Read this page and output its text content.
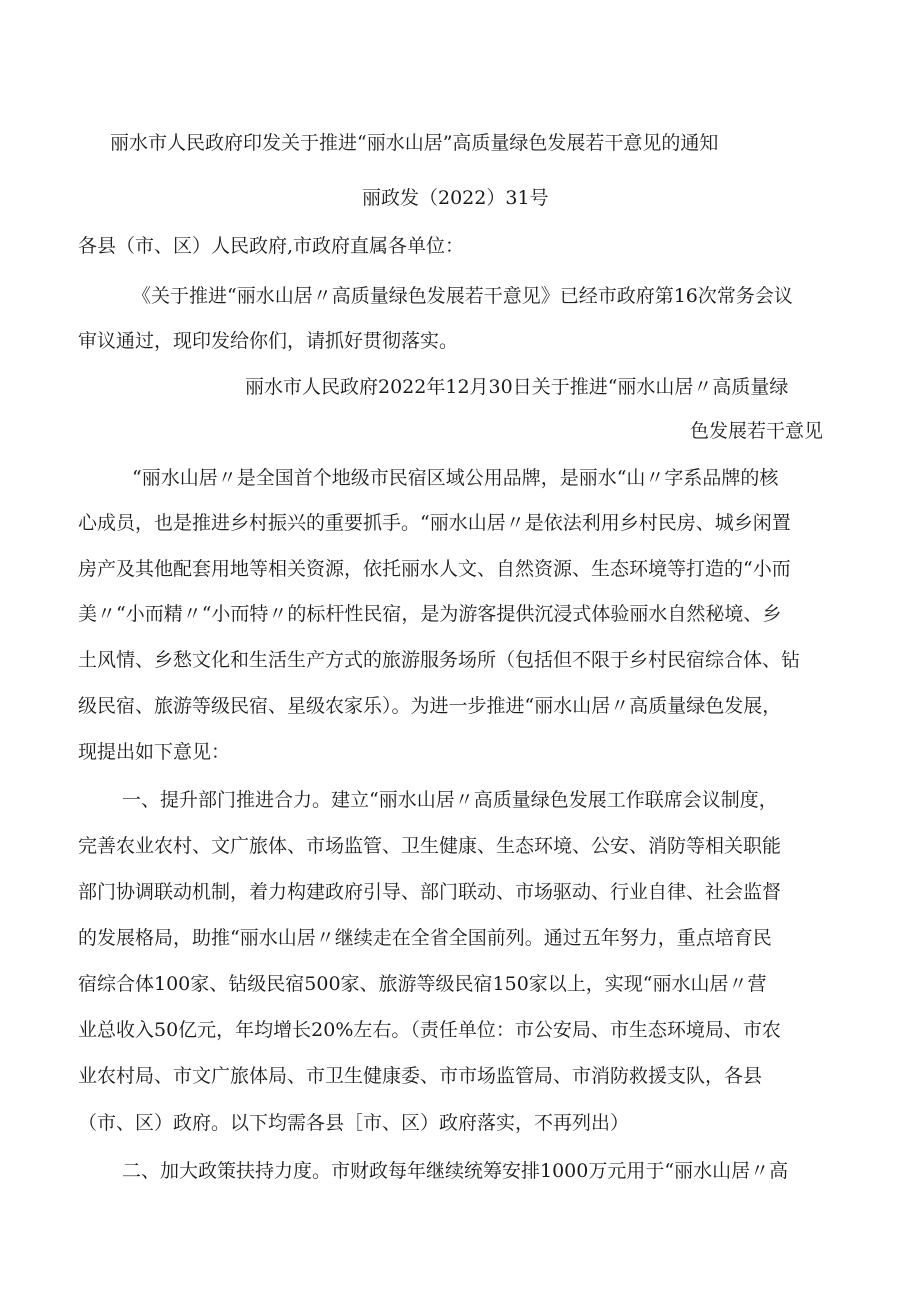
丽水市人民政府印发关于推进“丽水山居”高质量绿色发展若干意见的通知
丽政发（2022）31号
各县（市、区）人民政府,市政府直属各单位：
《关于推进“丽水山居〃高质量绿色发展若干意见》已经市政府第16次常务会议
审议通过，现印发给你们，请抓好贯彻落实。
丽水市人民政府2022年12月30日关于推进“丽水山居〃高质量绿
色发展若干意见
“丽水山居〃是全国首个地级市民宿区域公用品牌，是丽水“山〃字系品牌的核
心成员，也是推进乡村振兴的重要抓手。“丽水山居〃是依法利用乡村民房、城乡闲置
房产及其他配套用地等相关资源，依托丽水人文、自然资源、生态环境等打造的“小而
美〃“小而精〃“小而特〃的标杆性民宿，是为游客提供沉浸式体验丽水自然秘境、乡
土风情、乡愁文化和生活生产方式的旅游服务场所（包括但不限于乡村民宿综合体、钻
级民宿、旅游等级民宿、星级农家乐）。为进一步推进“丽水山居〃高质量绿色发展，
现提出如下意见：
一、提升部门推进合力。建立“丽水山居〃高质量绿色发展工作联席会议制度，
完善农业农村、文广旅体、市场监管、卫生健康、生态环境、公安、消防等相关职能
部门协调联动机制，着力构建政府引导、部门联动、市场驱动、行业自律、社会监督
的发展格局，助推“丽水山居〃继续走在全省全国前列。通过五年努力，重点培育民
宿综合体100家、钻级民宿500家、旅游等级民宿150家以上，实现“丽水山居〃营
业总收入50亿元，年均增长20%左右。（责任单位：市公安局、市生态环境局、市农
业农村局、市文广旅体局、市卫生健康委、市市场监管局、市消防救援支队，各县
（市、区）政府。以下均需各县［市、区）政府落实，不再列出）
二、加大政策扶持力度。市财政每年继续统筹安排1000万元用于“丽水山居〃高
